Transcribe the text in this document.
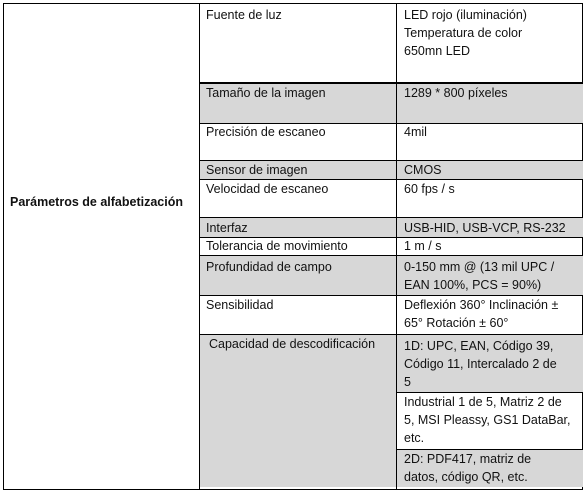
Parámetros de alfabetización
Fuente de luz
Tamaño de la imagen
Precisión de escaneo
Sensor de imagen
Velocidad de escaneo
Interfaz
Tolerancia de movimiento
Profundidad de campo
Sensibilidad
Capacidad de descodificación
LED rojo (iluminación)
Temperatura de color
650mn LED
1289 * 800 píxeles
4mil
CMOS
60 fps / s
USB-HID, USB-VCP, RS-232
1 m / s
0-150 mm @ (13 mil UPC /
EAN 100%, PCS = 90%)
Deflexión 360° Inclinación ±
65° Rotación ± 60°
1D: UPC, EAN, Código 39,
Código 11, Intercalado 2 de
5
Industrial 1 de 5, Matriz 2 de
5, MSI Pleassy, GS1 DataBar,
etc.
2D: PDF417, matriz de
datos, código QR, etc.
